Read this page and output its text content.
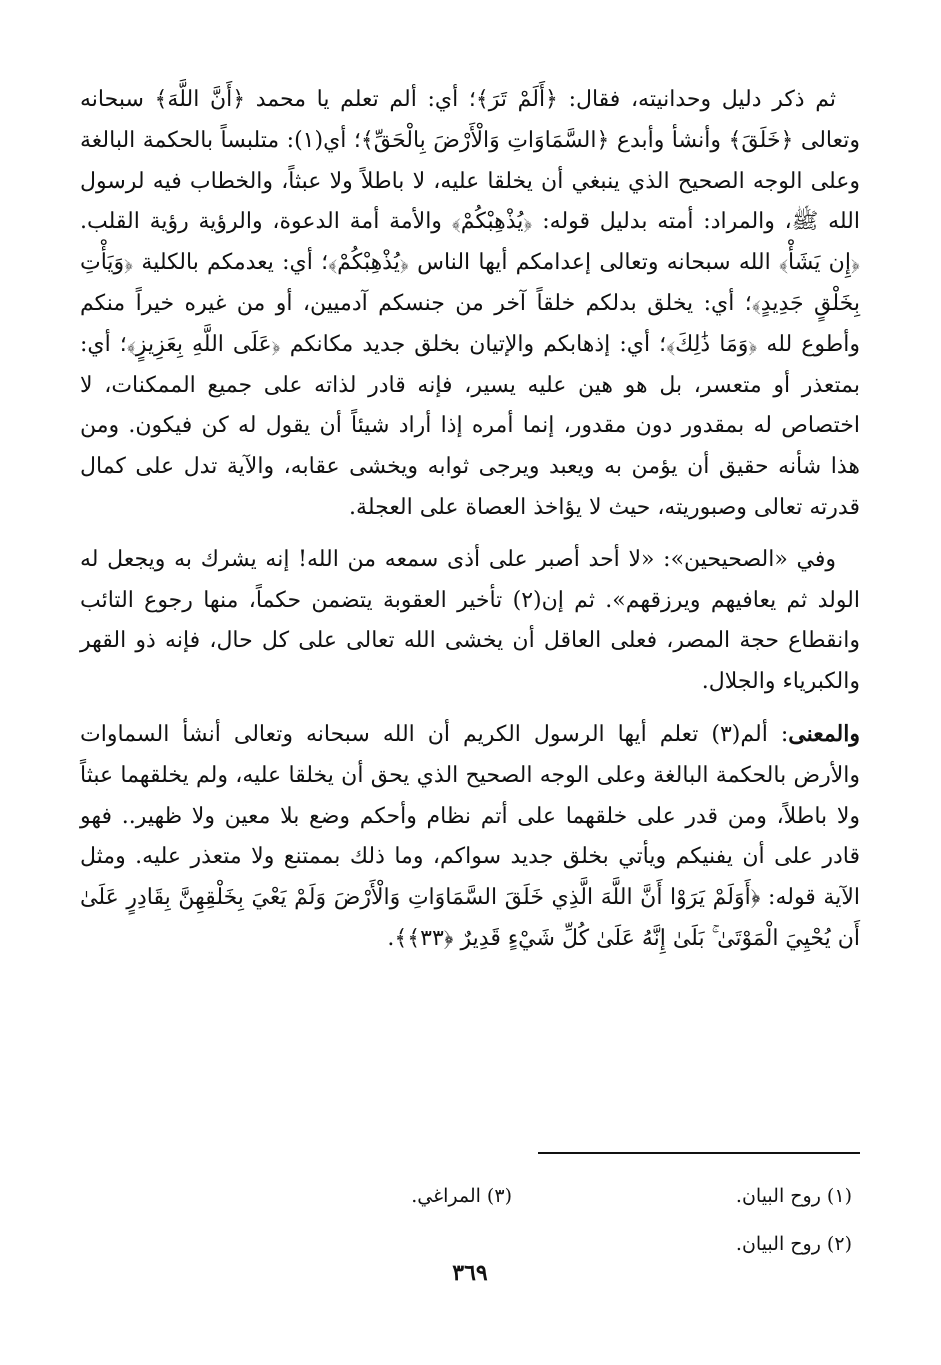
ثم ذكر دليل وحدانيته، فقال: ﴿أَلَمْ تَرَ﴾؛ أي: ألم تعلم يا محمد ﴿أَنَّ اللَّهَ﴾ سبحانه وتعالى ﴿خَلَقَ﴾ وأنشأ وأبدع ﴿السَّمَاوَاتِ وَالْأَرْضَ بِالْحَقِّ﴾؛ أي(١): متلبساً بالحكمة البالغة وعلى الوجه الصحيح الذي ينبغي أن يخلقا عليه، لا باطلاً ولا عبثاً، والخطاب فيه لرسول الله ﷺ، والمراد: أمته بدليل قوله: ﴿يُذْهِبْكُمْ﴾ والأمة أمة الدعوة، والرؤية رؤية القلب. ﴿إِن يَشَأْ﴾ الله سبحانه وتعالى إعدامكم أيها الناس ﴿يُذْهِبْكُمْ﴾؛ أي: يعدمكم بالكلية ﴿وَيَأْتِ بِخَلْقٍ جَدِيدٍ﴾؛ أي: يخلق بدلكم خلقاً آخر من جنسكم آدميين، أو من غيره خيراً منكم وأطوع لله ﴿وَمَا ذَٰلِكَ﴾؛ أي: إذهابكم والإتيان بخلق جديد مكانكم ﴿عَلَى اللَّهِ بِعَزِيزٍ﴾؛ أي: بمتعذر أو متعسر، بل هو هين عليه يسير، فإنه قادر لذاته على جميع الممكنات، لا اختصاص له بمقدور دون مقدور، إنما أمره إذا أراد شيئاً أن يقول له كن فيكون. ومن هذا شأنه حقيق أن يؤمن به ويعبد ويرجى ثوابه ويخشى عقابه، والآية تدل على كمال قدرته تعالى وصبوريته، حيث لا يؤاخذ العصاة على العجلة.

وفي «الصحيحين»: «لا أحد أصبر على أذى سمعه من الله! إنه يشرك به ويجعل له الولد ثم يعافيهم ويرزقهم». ثم إن(٢) تأخير العقوبة يتضمن حكماً، منها رجوع التائب وانقطاع حجة المصر، فعلى العاقل أن يخشى الله تعالى على كل حال، فإنه ذو القهر والكبرياء والجلال.

والمعنى: ألم(٣) تعلم أيها الرسول الكريم أن الله سبحانه وتعالى أنشأ السماوات والأرض بالحكمة البالغة وعلى الوجه الصحيح الذي يحق أن يخلقا عليه، ولم يخلقهما عبثاً ولا باطلاً، ومن قدر على خلقهما على أتم نظام وأحكم وضع بلا معين ولا ظهير.. فهو قادر على أن يفنيكم ويأتي بخلق جديد سواكم، وما ذلك بممتنع ولا متعذر عليه. ومثل الآية قوله: ﴿أَوَلَمْ يَرَوْا أَنَّ اللَّهَ الَّذِي خَلَقَ السَّمَاوَاتِ وَالْأَرْضَ وَلَمْ يَعْيَ بِخَلْقِهِنَّ بِقَادِرٍ عَلَىٰ أَن يُحْيِيَ الْمَوْتَىٰ ۚ بَلَىٰ إِنَّهُ عَلَىٰ كُلِّ شَيْءٍ قَدِيرٌ ﴿٣٣﴾﴾.

(١) روح البيان.
(٣) المراغي.
(٢) روح البيان.
٣٦٩
